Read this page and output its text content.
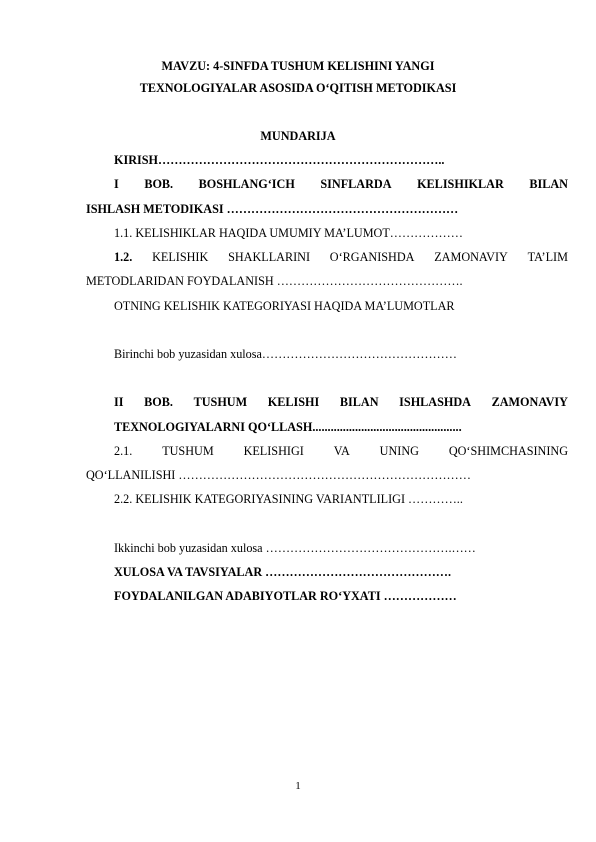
MAVZU: 4-SINFDA TUSHUM KELISHINI YANGI
TEXNOLOGIYALAR ASOSIDA O‘QITISH METODIKASI
MUNDARIJA
KIRISH……………………………………………………………..
I BOB. BOSHLANG‘ICH SINFLARDA KELISHIKLAR BILAN
ISHLASH METODIKASI …………………………………………………
1.1. KELISHIKLAR HAQIDA UMUMIY MA’LUMOT………………
1.2. KELISHIK SHAKLLARINI O‘RGANISHDA ZAMONAVIY TA’LIM
METODLARIDAN FOYDALANISH ……………………………………….
OTNING KELISHIK KATEGORIYASI HAQIDA MA’LUMOTLAR
Birinchi bob yuzasidan xulosa…………………………………………
II BOB. TUSHUM KELISHI BILAN ISHLASHDA ZAMONAVIY
TEXNOLOGIYALARNI QO‘LLASH.................................................
2.1. TUSHUM KELISHIGI VA UNING QO‘SHIMCHASINING
QO‘LLANILISHI ………………………………………………………………
2.2. KELISHIK KATEGORIYASINING VARIANTLILIGI …………..
Ikkinchi bob yuzasidan xulosa ……………………………………….……
XULOSA VA TAVSIYALAR ……………………………………….
FOYDALANILGAN ADABIYOTLAR RO‘YXATI ………………
1
